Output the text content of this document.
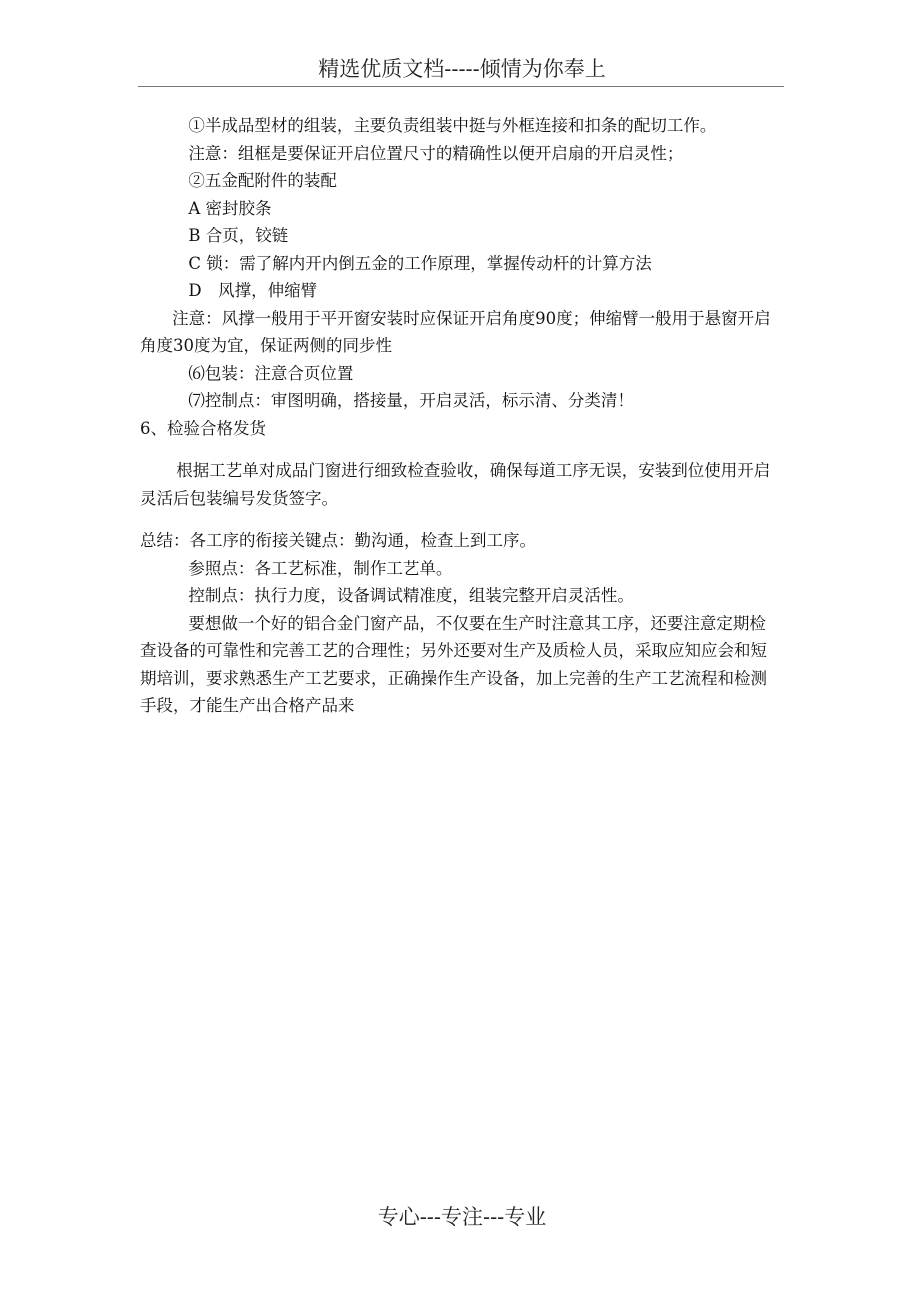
精选优质文档-----倾情为你奉上

①半成品型材的组装，主要负责组装中挺与外框连接和扣条的配切工作。

注意：组框是要保证开启位置尺寸的精确性以便开启扇的开启灵性；

②五金配附件的装配

A 密封胶条

B 合页，铰链

C 锁：需了解内开内倒五金的工作原理，掌握传动杆的计算方法

D　风撑，伸缩臂

注意：风撑一般用于平开窗安装时应保证开启角度90度；伸缩臂一般用于悬窗开启角度30度为宜，保证两侧的同步性

⑹包装：注意合页位置

⑺控制点：审图明确，搭接量，开启灵活，标示清、分类清！

6、检验合格发货

根据工艺单对成品门窗进行细致检查验收，确保每道工序无误，安装到位使用开启灵活后包装编号发货签字。

总结：各工序的衔接关键点：勤沟通，检查上到工序。

参照点：各工艺标准，制作工艺单。

控制点：执行力度，设备调试精准度，组装完整开启灵活性。

要想做一个好的铝合金门窗产品，不仅要在生产时注意其工序，还要注意定期检查设备的可靠性和完善工艺的合理性；另外还要对生产及质检人员，采取应知应会和短期培训，要求熟悉生产工艺要求，正确操作生产设备，加上完善的生产工艺流程和检测手段，才能生产出合格产品来

专心---专注---专业
